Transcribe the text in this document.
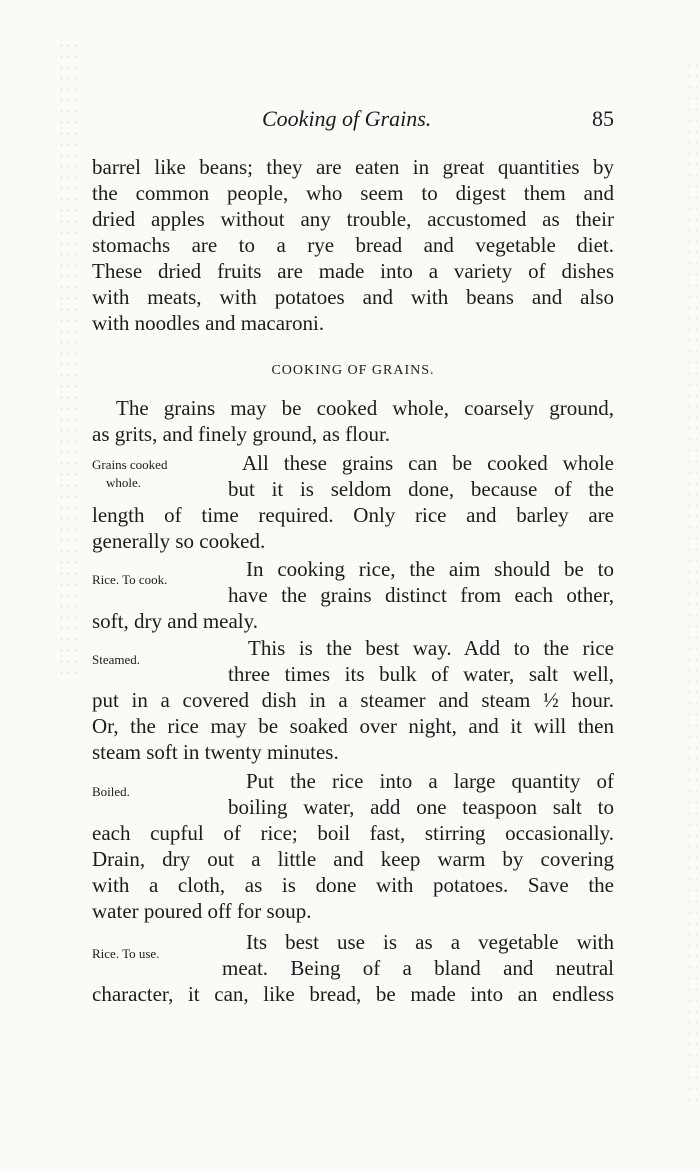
Cooking of Grains.	85
barrel like beans; they are eaten in great quantities by
the common people, who seem to digest them and
dried apples without any trouble, accustomed as their
stomachs are to a rye bread and vegetable diet.
These dried fruits are made into a variety of dishes
with meats, with potatoes and with beans and also
with noodles and macaroni.
COOKING OF GRAINS.
The grains may be cooked whole, coarsely ground,
as grits, and finely ground, as flour.
Grains cooked
whole.
All these grains can be cooked whole
but it is seldom done, because of the
length of time required. Only rice and barley are
generally so cooked.
Rice. To cook.	In cooking rice, the aim should be to
have the grains distinct from each other,
soft, dry and mealy.
Steamed.	This is the best way. Add to the rice
three times its bulk of water, salt well,
put in a covered dish in a steamer and steam ½ hour.
Or, the rice may be soaked over night, and it will then
steam soft in twenty minutes.
Boiled.	Put the rice into a large quantity of
boiling water, add one teaspoon salt to
each cupful of rice; boil fast, stirring occasionally.
Drain, dry out a little and keep warm by covering
with a cloth, as is done with potatoes. Save the
water poured off for soup.
Rice. To use.	Its best use is as a vegetable with
meat. Being of a bland and neutral
character, it can, like bread, be made into an endless
